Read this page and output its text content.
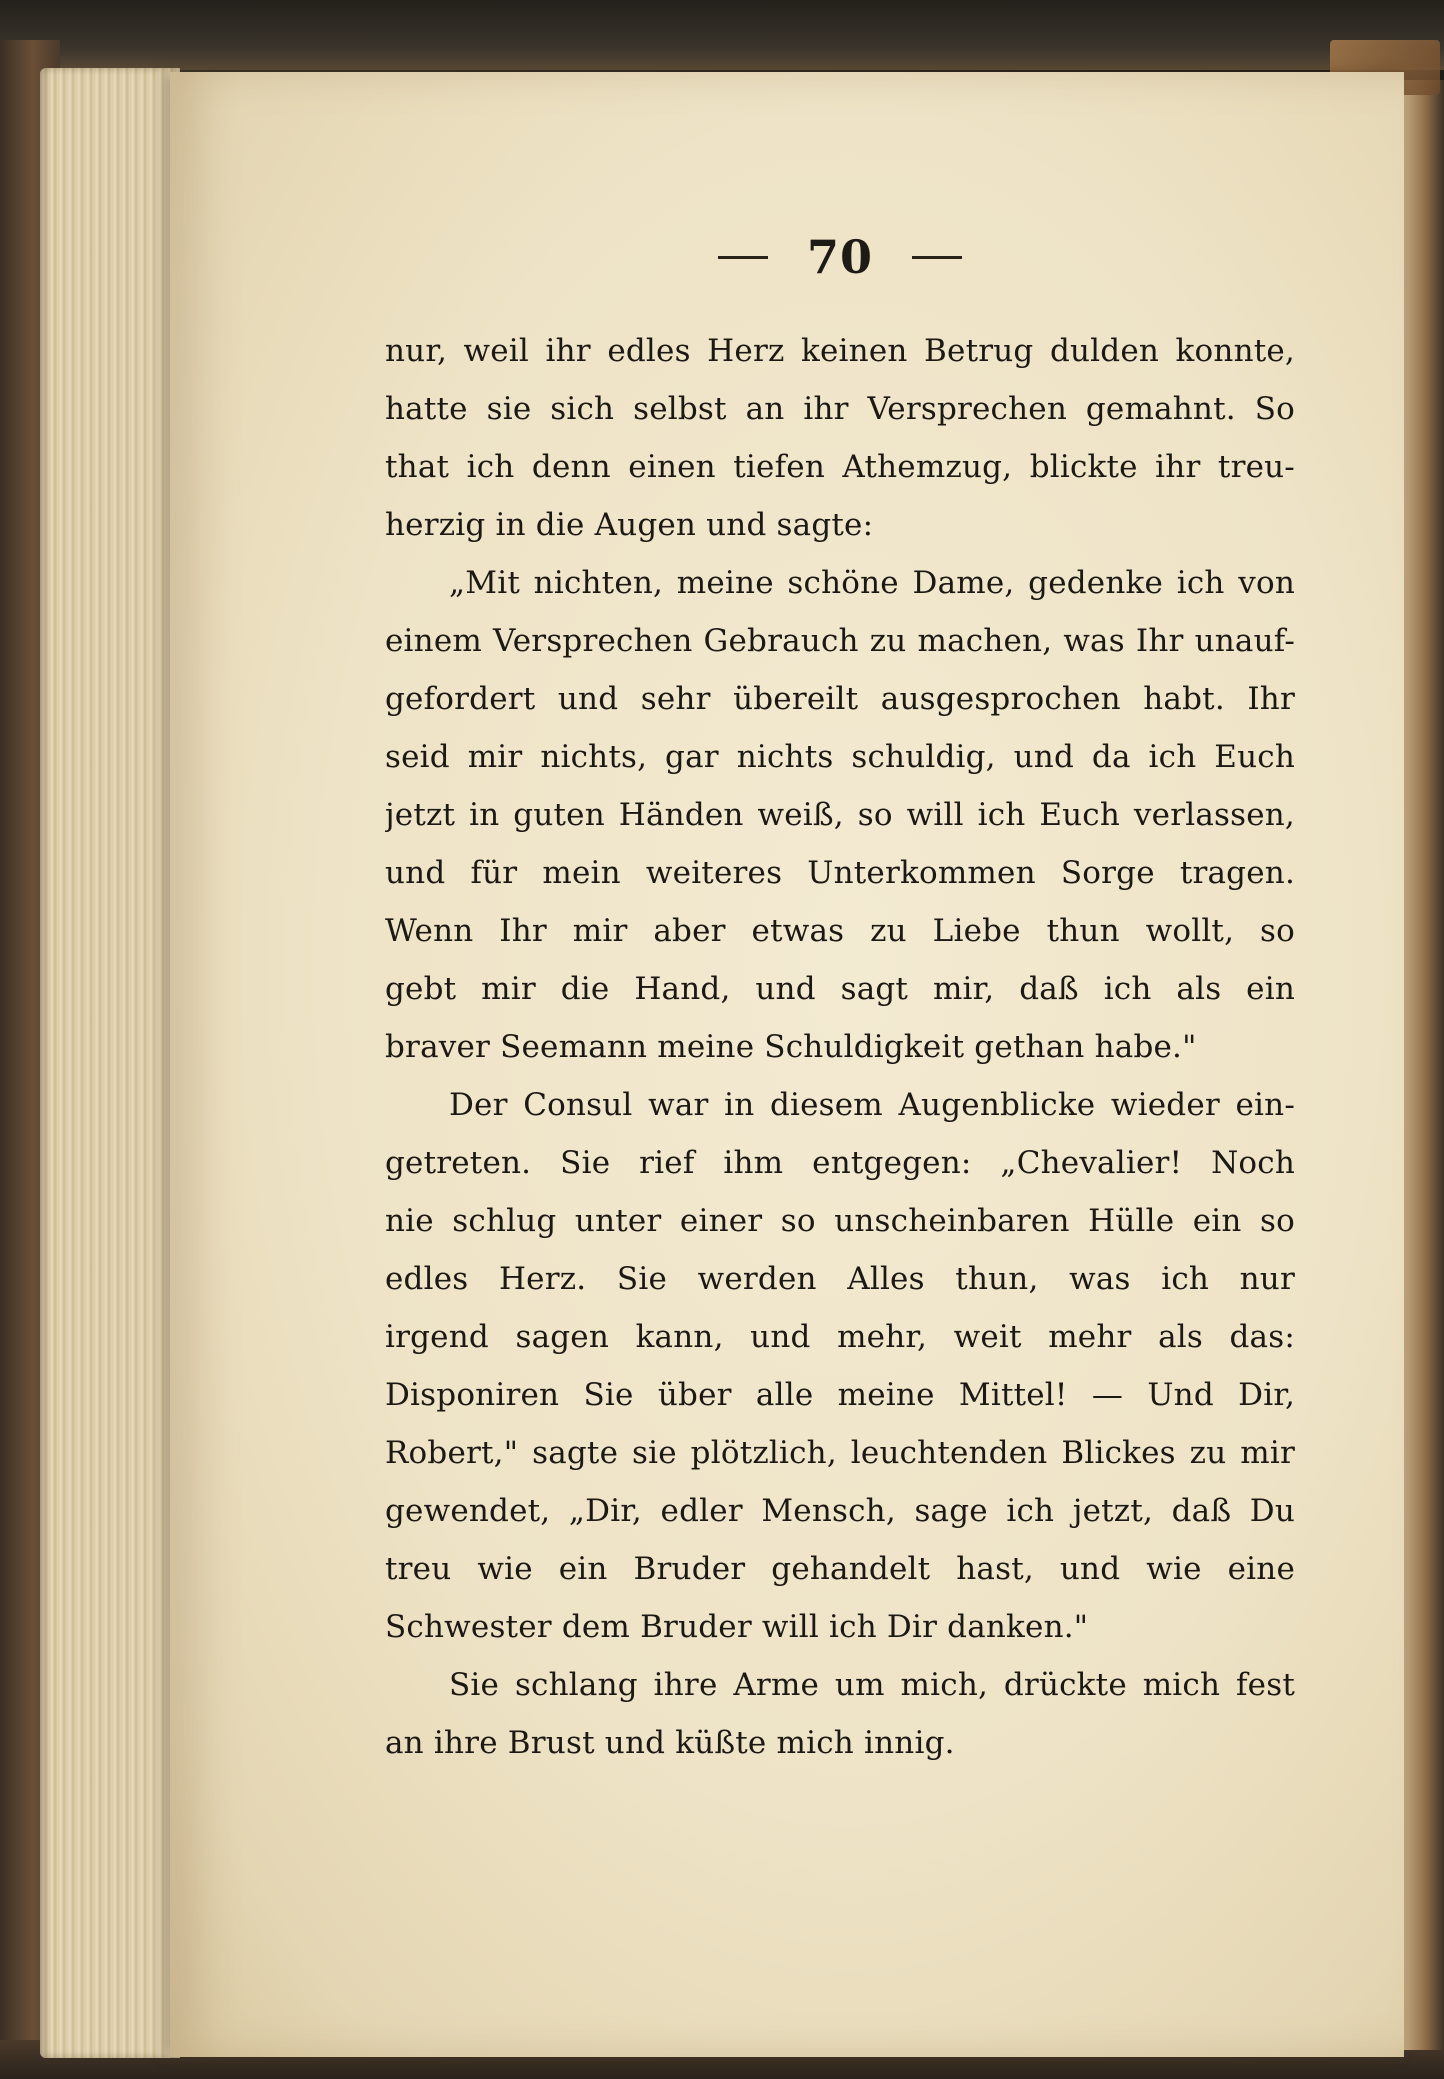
70
nur, weil ihr edles Herz keinen Betrug dulden konnte,
hatte sie sich selbst an ihr Versprechen gemahnt. So
that ich denn einen tiefen Athemzug, blickte ihr treu-
herzig in die Augen und sagte:
„Mit nichten, meine schöne Dame, gedenke ich von
einem Versprechen Gebrauch zu machen, was Ihr unauf-
gefordert und sehr übereilt ausgesprochen habt. Ihr
seid mir nichts, gar nichts schuldig, und da ich Euch
jetzt in guten Händen weiß, so will ich Euch verlassen,
und für mein weiteres Unterkommen Sorge tragen.
Wenn Ihr mir aber etwas zu Liebe thun wollt, so
gebt mir die Hand, und sagt mir, daß ich als ein
braver Seemann meine Schuldigkeit gethan habe."
Der Consul war in diesem Augenblicke wieder ein-
getreten. Sie rief ihm entgegen: „Chevalier! Noch
nie schlug unter einer so unscheinbaren Hülle ein so
edles Herz. Sie werden Alles thun, was ich nur
irgend sagen kann, und mehr, weit mehr als das:
Disponiren Sie über alle meine Mittel! — Und Dir,
Robert," sagte sie plötzlich, leuchtenden Blickes zu mir
gewendet, „Dir, edler Mensch, sage ich jetzt, daß Du
treu wie ein Bruder gehandelt hast, und wie eine
Schwester dem Bruder will ich Dir danken."
Sie schlang ihre Arme um mich, drückte mich fest
an ihre Brust und küßte mich innig.
